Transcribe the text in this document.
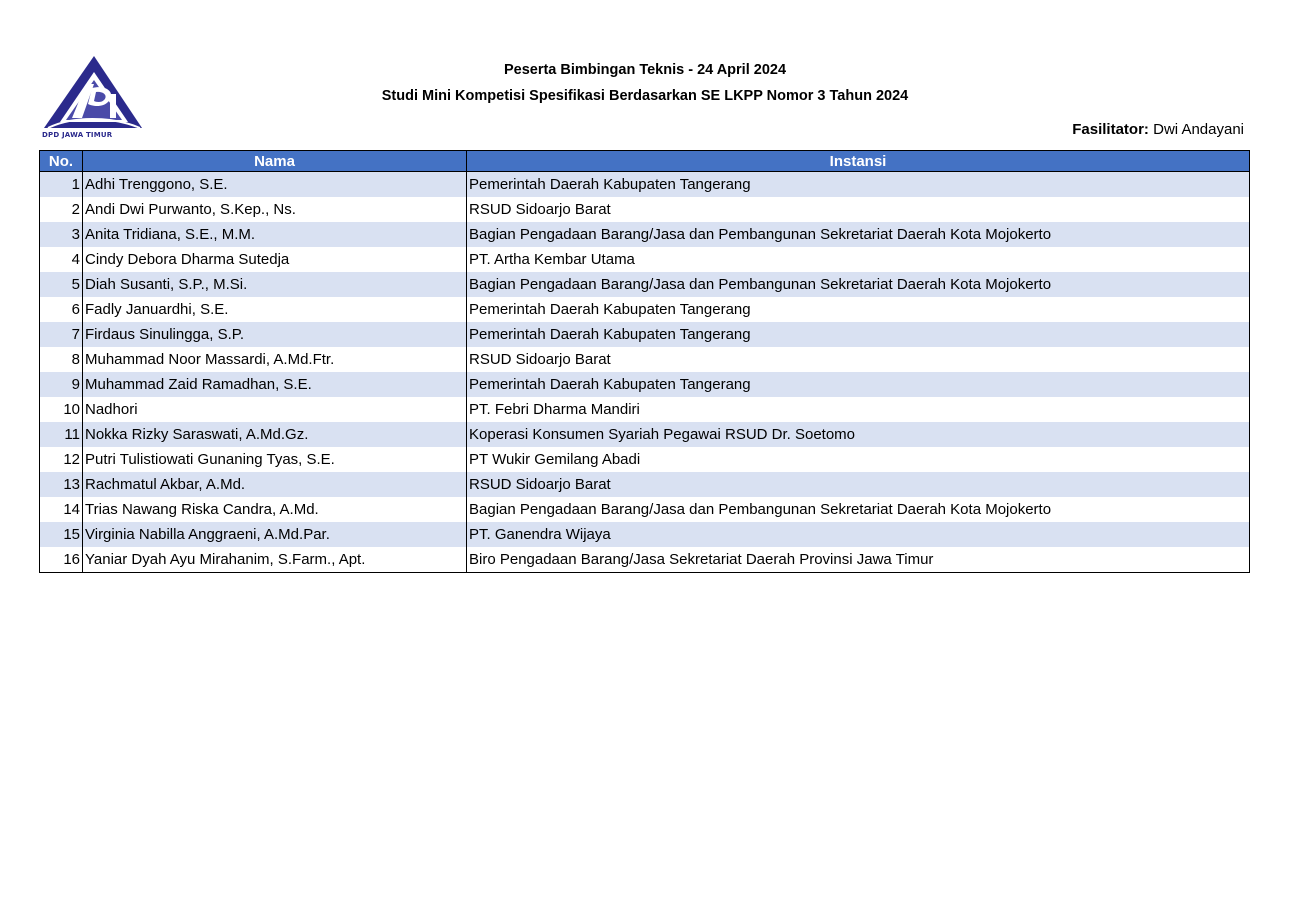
DPD JAWA TIMUR
Peserta Bimbingan Teknis - 24 April 2024
Studi Mini Kompetisi Spesifikasi Berdasarkan SE LKPP Nomor 3 Tahun 2024
Fasilitator: Dwi Andayani
No.	Nama	Instansi
1	Adhi Trenggono, S.E.	Pemerintah Daerah Kabupaten Tangerang
2	Andi Dwi Purwanto, S.Kep., Ns.	RSUD Sidoarjo Barat
3	Anita Tridiana, S.E., M.M.	Bagian Pengadaan Barang/Jasa dan Pembangunan Sekretariat Daerah Kota Mojokerto
4	Cindy Debora Dharma Sutedja	PT. Artha Kembar Utama
5	Diah Susanti, S.P., M.Si.	Bagian Pengadaan Barang/Jasa dan Pembangunan Sekretariat Daerah Kota Mojokerto
6	Fadly Januardhi, S.E.	Pemerintah Daerah Kabupaten Tangerang
7	Firdaus Sinulingga, S.P.	Pemerintah Daerah Kabupaten Tangerang
8	Muhammad Noor Massardi, A.Md.Ftr.	RSUD Sidoarjo Barat
9	Muhammad Zaid Ramadhan, S.E.	Pemerintah Daerah Kabupaten Tangerang
10	Nadhori	PT. Febri Dharma Mandiri
11	Nokka Rizky Saraswati, A.Md.Gz.	Koperasi Konsumen Syariah Pegawai RSUD Dr. Soetomo
12	Putri Tulistiowati Gunaning Tyas, S.E.	PT Wukir Gemilang Abadi
13	Rachmatul Akbar, A.Md.	RSUD Sidoarjo Barat
14	Trias Nawang Riska Candra, A.Md.	Bagian Pengadaan Barang/Jasa dan Pembangunan Sekretariat Daerah Kota Mojokerto
15	Virginia Nabilla Anggraeni, A.Md.Par.	PT. Ganendra Wijaya
16	Yaniar Dyah Ayu Mirahanim, S.Farm., Apt.	Biro Pengadaan Barang/Jasa Sekretariat Daerah Provinsi Jawa Timur
